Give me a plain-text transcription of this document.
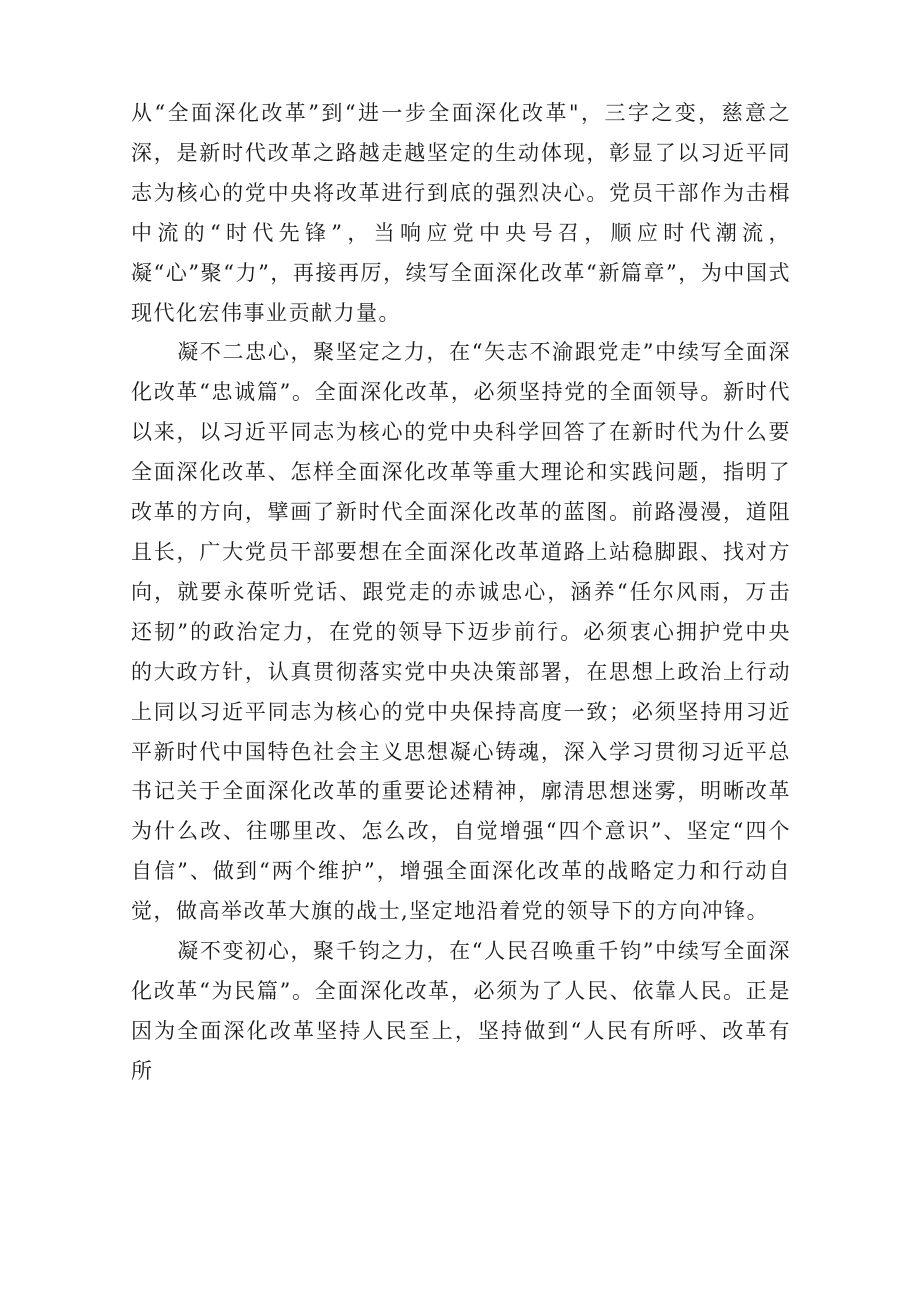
从“全面深化改革”到“进一步全面深化改革"，三字之变，慈意之深，是新时代改革之路越走越坚定的生动体现，彰显了以习近平同志为核心的党中央将改革进行到底的强烈决心。党员干部作为击楫中流的“时代先锋”，当响应党中央号召，顺应时代潮流，凝“心”聚“力”，再接再厉，续写全面深化改革“新篇章”，为中国式现代化宏伟事业贡献力量。

凝不二忠心，聚坚定之力，在“矢志不渝跟党走”中续写全面深化改革“忠诚篇”。全面深化改革，必须坚持党的全面领导。新时代以来，以习近平同志为核心的党中央科学回答了在新时代为什么要全面深化改革、怎样全面深化改革等重大理论和实践问题，指明了改革的方向，擘画了新时代全面深化改革的蓝图。前路漫漫，道阻且长，广大党员干部要想在全面深化改革道路上站稳脚跟、找对方向，就要永葆听党话、跟党走的赤诚忠心，涵养“任尔风雨，万击还韧”的政治定力，在党的领导下迈步前行。必须衷心拥护党中央的大政方针，认真贯彻落实党中央决策部署，在思想上政治上行动上同以习近平同志为核心的党中央保持高度一致；必须坚持用习近平新时代中国特色社会主义思想凝心铸魂，深入学习贯彻习近平总书记关于全面深化改革的重要论述精神，廓清思想迷雾，明晰改革为什么改、往哪里改、怎么改，自觉增强“四个意识”、坚定“四个自信”、做到“两个维护”，增强全面深化改革的战略定力和行动自觉，做高举改革大旗的战士,坚定地沿着党的领导下的方向冲锋。

凝不变初心，聚千钧之力，在“人民召唤重千钧”中续写全面深化改革“为民篇”。全面深化改革，必须为了人民、依靠人民。正是因为全面深化改革坚持人民至上，坚持做到“人民有所呼、改革有所
